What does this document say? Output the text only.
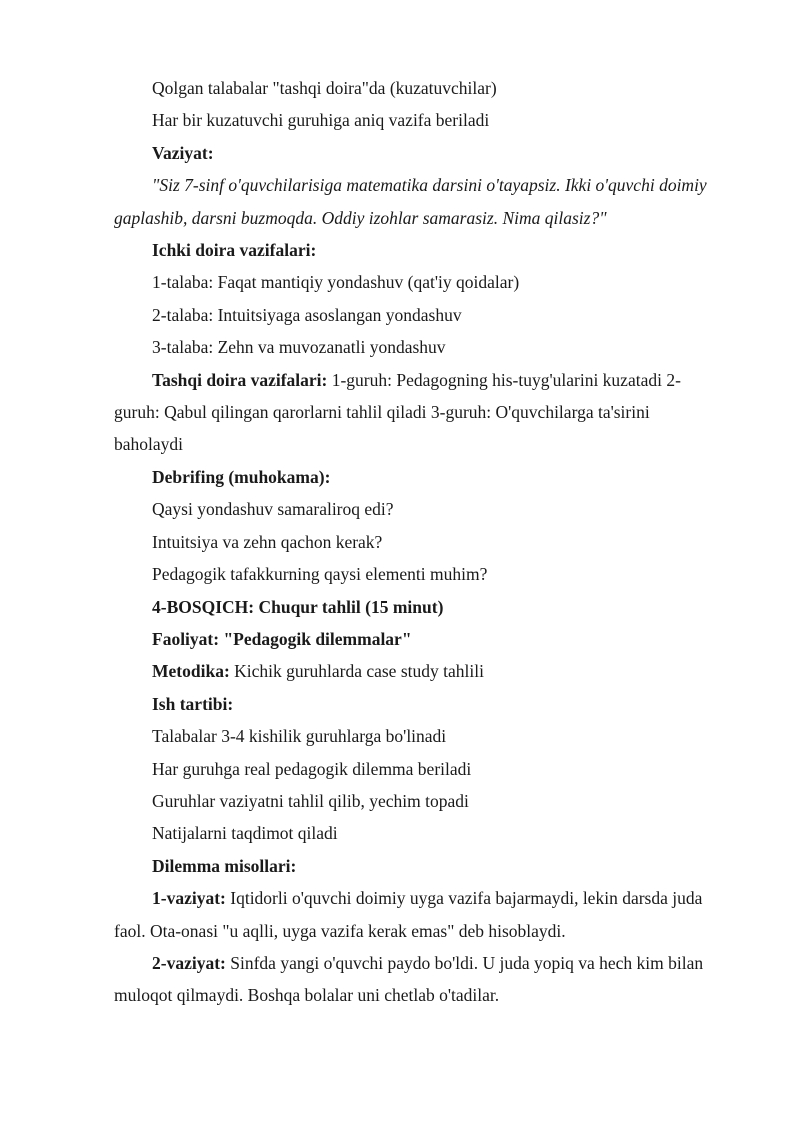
Qolgan talabalar "tashqi doira"da (kuzatuvchilar)

Har bir kuzatuvchi guruhiga aniq vazifa beriladi

Vaziyat:

"Siz 7-sinf o'quvchilarisiga matematika darsini o'tayapsiz. Ikki o'quvchi doimiy gaplashib, darsni buzmoqda. Oddiy izohlar samarasiz. Nima qilasiz?"

Ichki doira vazifalari:

1-talaba: Faqat mantiqiy yondashuv (qat'iy qoidalar)

2-talaba: Intuitsiyaga asoslangan yondashuv

3-talaba: Zehn va muvozanatli yondashuv

Tashqi doira vazifalari: 1-guruh: Pedagogning his-tuyg'ularini kuzatadi 2-guruh: Qabul qilingan qarorlarni tahlil qiladi 3-guruh: O'quvchilarga ta'sirini baholaydi

Debrifing (muhokama):

Qaysi yondashuv samaraliroq edi?

Intuitsiya va zehn qachon kerak?

Pedagogik tafakkurning qaysi elementi muhim?

4-BOSQICH: Chuqur tahlil (15 minut)

Faoliyat: "Pedagogik dilemmalar"

Metodika: Kichik guruhlarda case study tahlili

Ish tartibi:

Talabalar 3-4 kishilik guruhlarga bo'linadi

Har guruhga real pedagogik dilemma beriladi

Guruhlar vaziyatni tahlil qilib, yechim topadi

Natijalarni taqdimot qiladi

Dilemma misollari:

1-vaziyat: Iqtidorli o'quvchi doimiy uyga vazifa bajarmaydi, lekin darsda juda faol. Ota-onasi "u aqlli, uyga vazifa kerak emas" deb hisoblaydi.

2-vaziyat: Sinfda yangi o'quvchi paydo bo'ldi. U juda yopiq va hech kim bilan muloqot qilmaydi. Boshqa bolalar uni chetlab o'tadilar.
